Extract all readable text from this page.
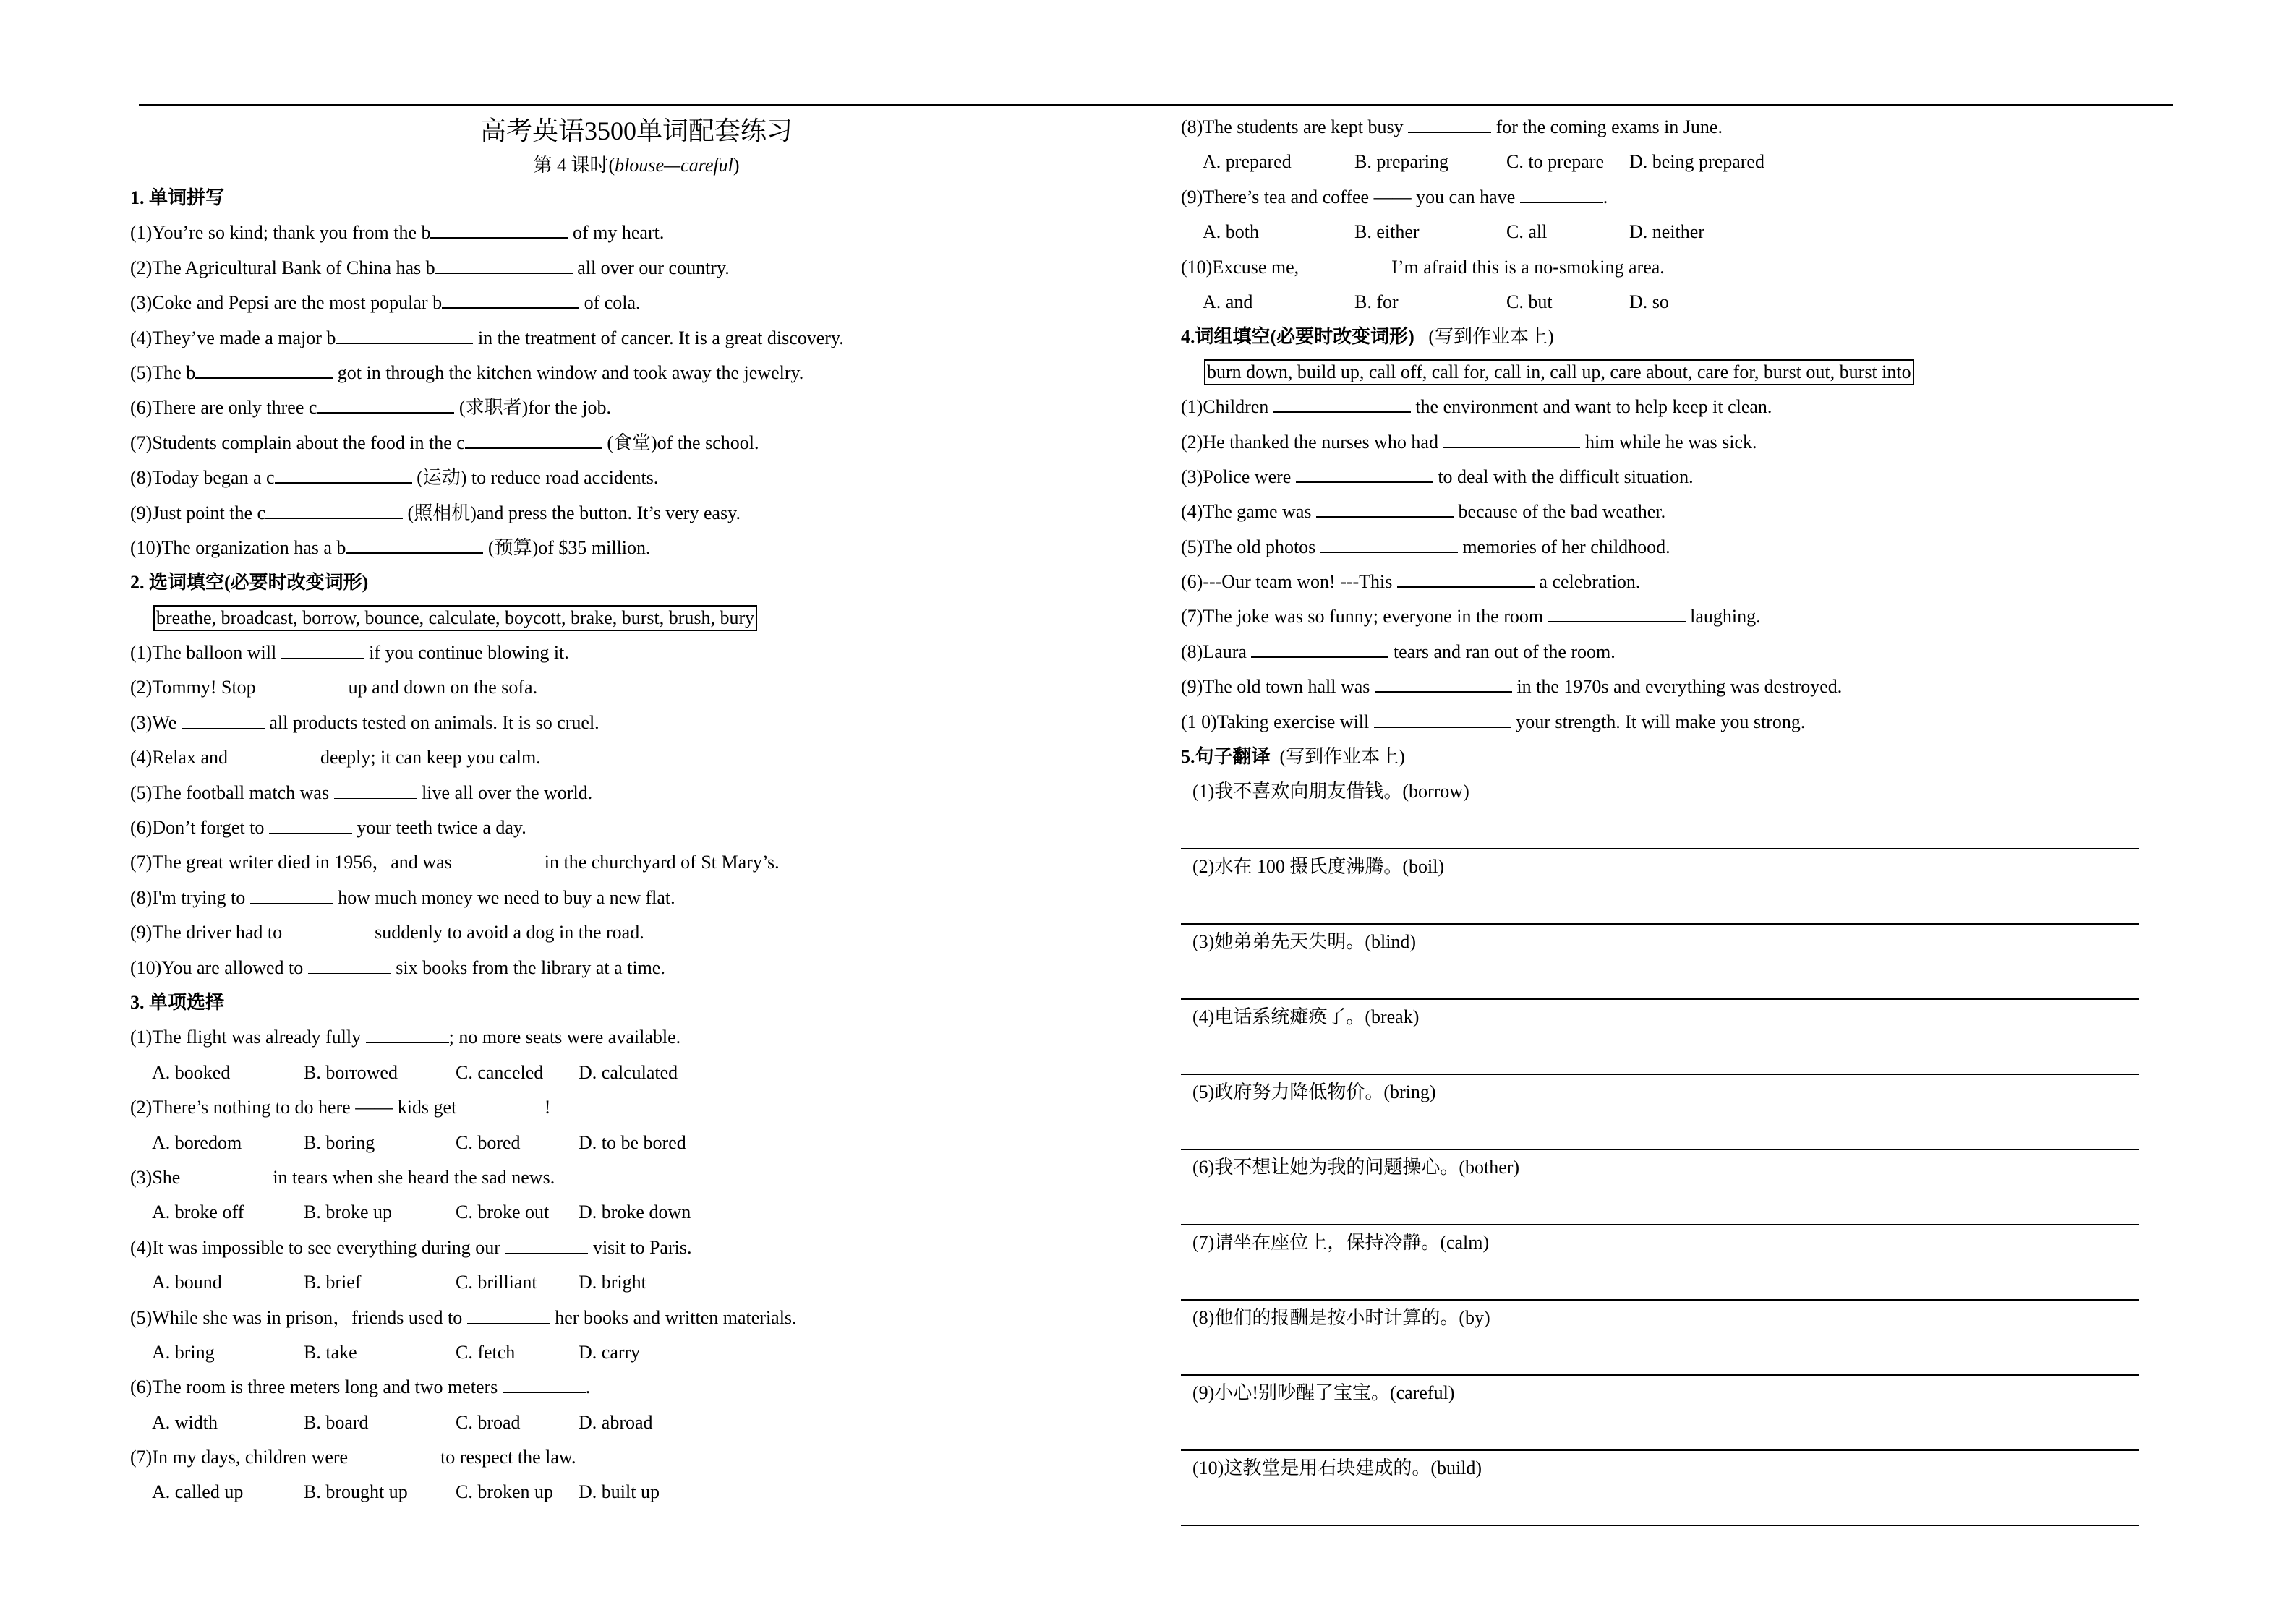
高考英语3500单词配套练习
第 4 课时(blouse—careful)
1. 单词拼写
(1)You’re so kind; thank you from the b	of my heart.
(2)The Agricultural Bank of China has b	all over our country.
(3)Coke and Pepsi are the most popular b	of cola.
(4)They’ve made a major b	in the treatment of cancer. It is a great discovery.
(5)The b	got in through the kitchen window and took away the jewelry.
(6)There are only three c	(求职者)for the job.
(7)Students complain about the food in the c	(食堂)of the school.
(8)Today began a c	(运动) to reduce road accidents.
(9)Just point the c	(照相机)and press the button. It’s very easy.
(10)The organization has a b	(预算)of $35 million.
2. 选词填空(必要时改变词形)
breathe, broadcast, borrow, bounce, calculate, boycott, brake, burst, brush, bury
(1)The balloon will	if you continue blowing it.
(2)Tommy! Stop	up and down on the sofa.
(3)We	all products tested on animals. It is so cruel.
(4)Relax and	deeply; it can keep you calm.
(5)The football match was	live all over the world.
(6)Don’t forget to	your teeth twice a day.
(7)The great writer died in 1956，and was	in the churchyard of St Mary’s.
(8)I'm trying to	how much money we need to buy a new flat.
(9)The driver had to	suddenly to avoid a dog in the road.
(10)You are allowed to	six books from the library at a time.
3. 单项选择
(1)The flight was already fully	; no more seats were available.
A. booked	B. borrowed	C. canceled D. calculated
(2)There’s nothing to do here —— kids get	!
A. boredom	B. boring	C. bored	D. to be bored
(3)She	in tears when she heard the sad news.
A. broke off	B. broke up	C. broke out D. broke down
(4)It was impossible to see everything during our	visit to Paris.
A. bound	B. brief	C. brilliant D. bright
(5)While she was in prison，friends used to	her books and written materials.
A. bring	B. take	C. fetch	D. carry
(6)The room is three meters long and two meters	.
A. width	B. board	C. broad	D. abroad
(7)In my days, children were	to respect the law.
A. called up	B. brought up	C. broken up D. built up
(8)The students are kept busy	for the coming exams in June.
A. prepared	B. preparing	C. to prepare D. being prepared
(9)There’s tea and coffee —— you can have	.
A. both	B. either	C. all	D. neither
(10)Excuse me,	I’m afraid this is a no-smoking area.
A. and	B. for	C. but	D. so
4.词组填空(必要时改变词形) (写到作业本上)
burn down, build up, call off, call for, call in, call up, care about, care for, burst out, burst into
(1)Children	the environment and want to help keep it clean.
(2)He thanked the nurses who had	him while he was sick.
(3)Police were	to deal with the difficult situation.
(4)The game was	because of the bad weather.
(5)The old photos	memories of her childhood.
(6)---Our team won! ---This	a celebration.
(7)The joke was so funny; everyone in the room	laughing.
(8)Laura	tears and ran out of the room.
(9)The old town hall was	in the 1970s and everything was destroyed.
(1 0)Taking exercise will	your strength. It will make you strong.
5.句子翻译 (写到作业本上)
(1)我不喜欢向朋友借钱。(borrow)
(2)水在 100 摄氏度沸腾。(boil)
(3)她弟弟先天失明。(blind)
(4)电话系统瘫痪了。(break)
(5)政府努力降低物价。(bring)
(6)我不想让她为我的问题操心。(bother)
(7)请坐在座位上，保持冷静。(calm)
(8)他们的报酬是按小时计算的。(by)
(9)小心!别吵醒了宝宝。(careful)
(10)这教堂是用石块建成的。(build)
